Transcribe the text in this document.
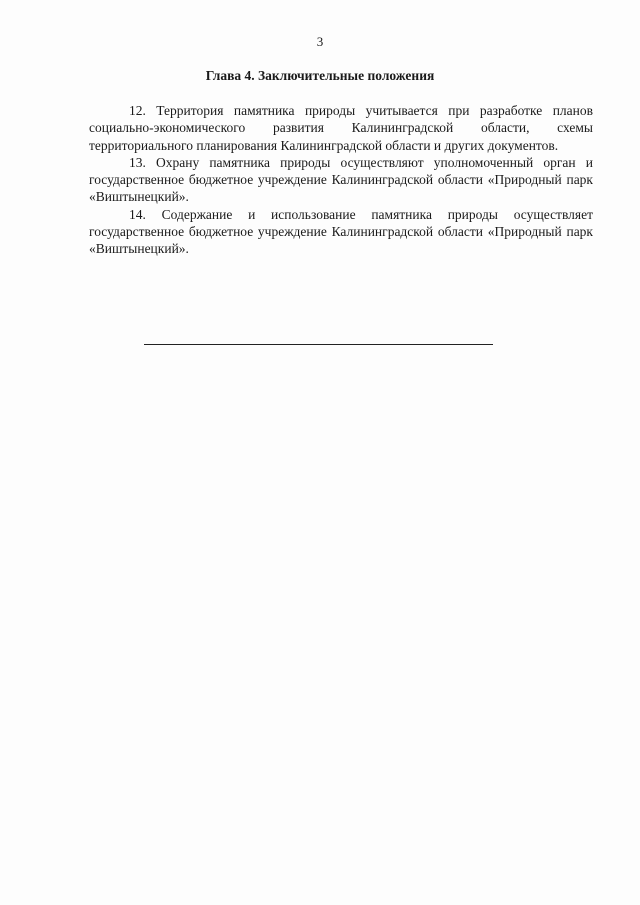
3
Глава 4. Заключительные положения

12. Территория памятника природы учитывается при разработке планов социально-экономического развития Калининградской области, схемы территориального планирования Калининградской области и других документов.

13. Охрану памятника природы осуществляют уполномоченный орган и государственное бюджетное учреждение Калининградской области «Природный парк «Виштынецкий».

14. Содержание и использование памятника природы осуществляет государственное бюджетное учреждение Калининградской области «Природный парк «Виштынецкий».
